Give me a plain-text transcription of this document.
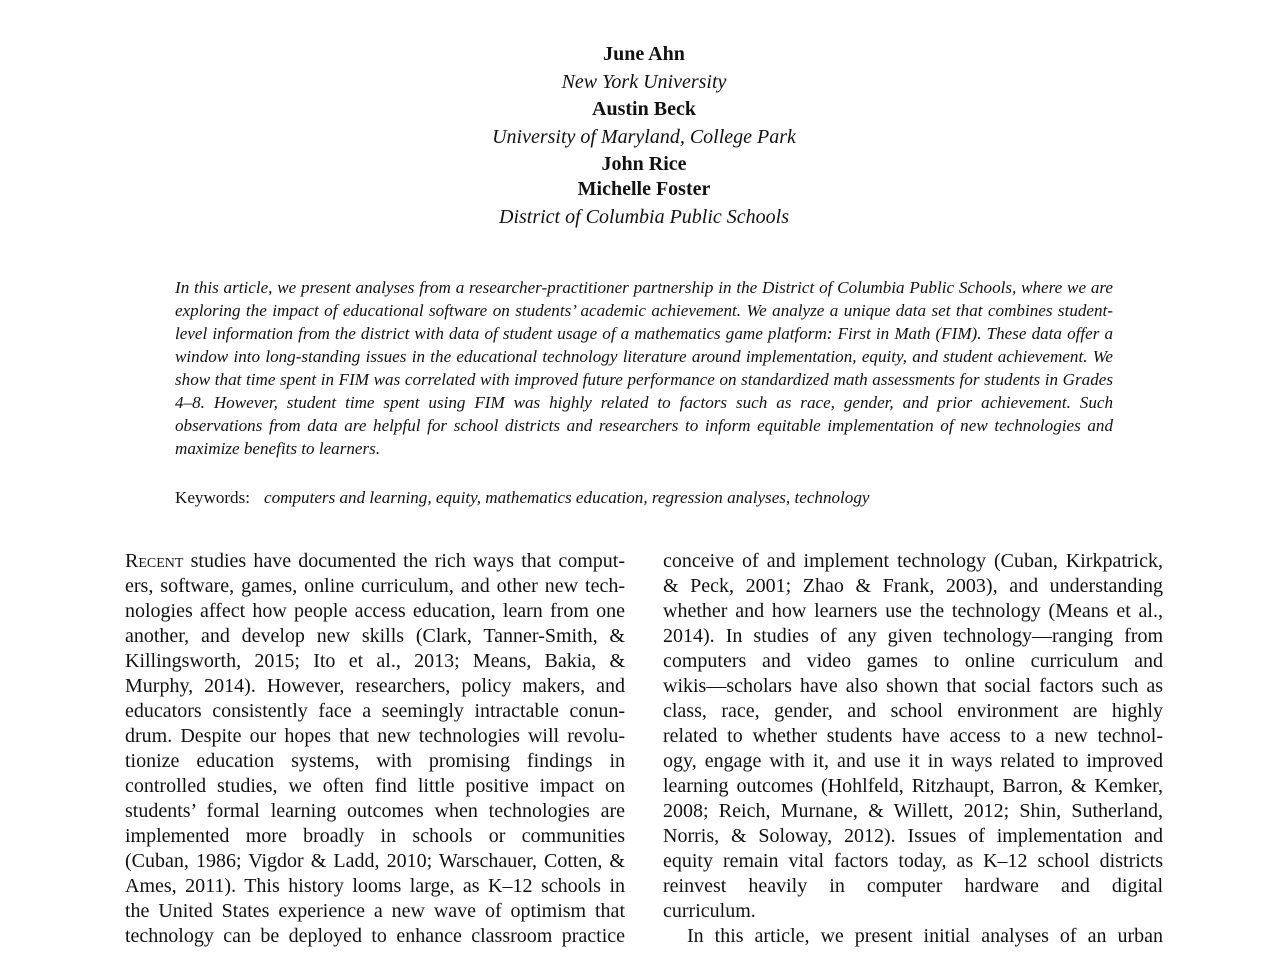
June Ahn
New York University
Austin Beck
University of Maryland, College Park
John Rice
Michelle Foster
District of Columbia Public Schools

In this article, we present analyses from a researcher-practitioner partnership in the District of Columbia Public Schools, where we are exploring the impact of educational software on students’ academic achievement. We analyze a unique data set that combines student-level information from the district with data of student usage of a mathematics game platform: First in Math (FIM). These data offer a window into long-standing issues in the educational technology literature around implementation, equity, and student achievement. We show that time spent in FIM was correlated with improved future performance on standardized math assessments for students in Grades 4–8. However, student time spent using FIM was highly related to factors such as race, gender, and prior achievement. Such observations from data are helpful for school districts and researchers to inform equitable implementation of new technologies and maximize benefits to learners.

Keywords: computers and learning, equity, mathematics education, regression analyses, technology
Recent studies have documented the rich ways that comput-
ers, software, games, online curriculum, and other new tech-
nologies affect how people access education, learn from one
another, and develop new skills (Clark, Tanner-Smith, &
Killingsworth, 2015; Ito et al., 2013; Means, Bakia, &
Murphy, 2014). However, researchers, policy makers, and
educators consistently face a seemingly intractable conun-
drum. Despite our hopes that new technologies will revolu-
tionize education systems, with promising findings in
controlled studies, we often find little positive impact on
students’ formal learning outcomes when technologies are
implemented more broadly in schools or communities
(Cuban, 1986; Vigdor & Ladd, 2010; Warschauer, Cotten, &
Ames, 2011). This history looms large, as K–12 schools in
the United States experience a new wave of optimism that
technology can be deployed to enhance classroom practice
conceive of and implement technology (Cuban, Kirkpatrick,
& Peck, 2001; Zhao & Frank, 2003), and understanding
whether and how learners use the technology (Means et al.,
2014). In studies of any given technology—ranging from
computers and video games to online curriculum and
wikis—scholars have also shown that social factors such as
class, race, gender, and school environment are highly
related to whether students have access to a new technol-
ogy, engage with it, and use it in ways related to improved
learning outcomes (Hohlfeld, Ritzhaupt, Barron, & Kemker,
2008; Reich, Murnane, & Willett, 2012; Shin, Sutherland,
Norris, & Soloway, 2012). Issues of implementation and
equity remain vital factors today, as K–12 school districts
reinvest heavily in computer hardware and digital
curriculum.
In this article, we present initial analyses of an urban
